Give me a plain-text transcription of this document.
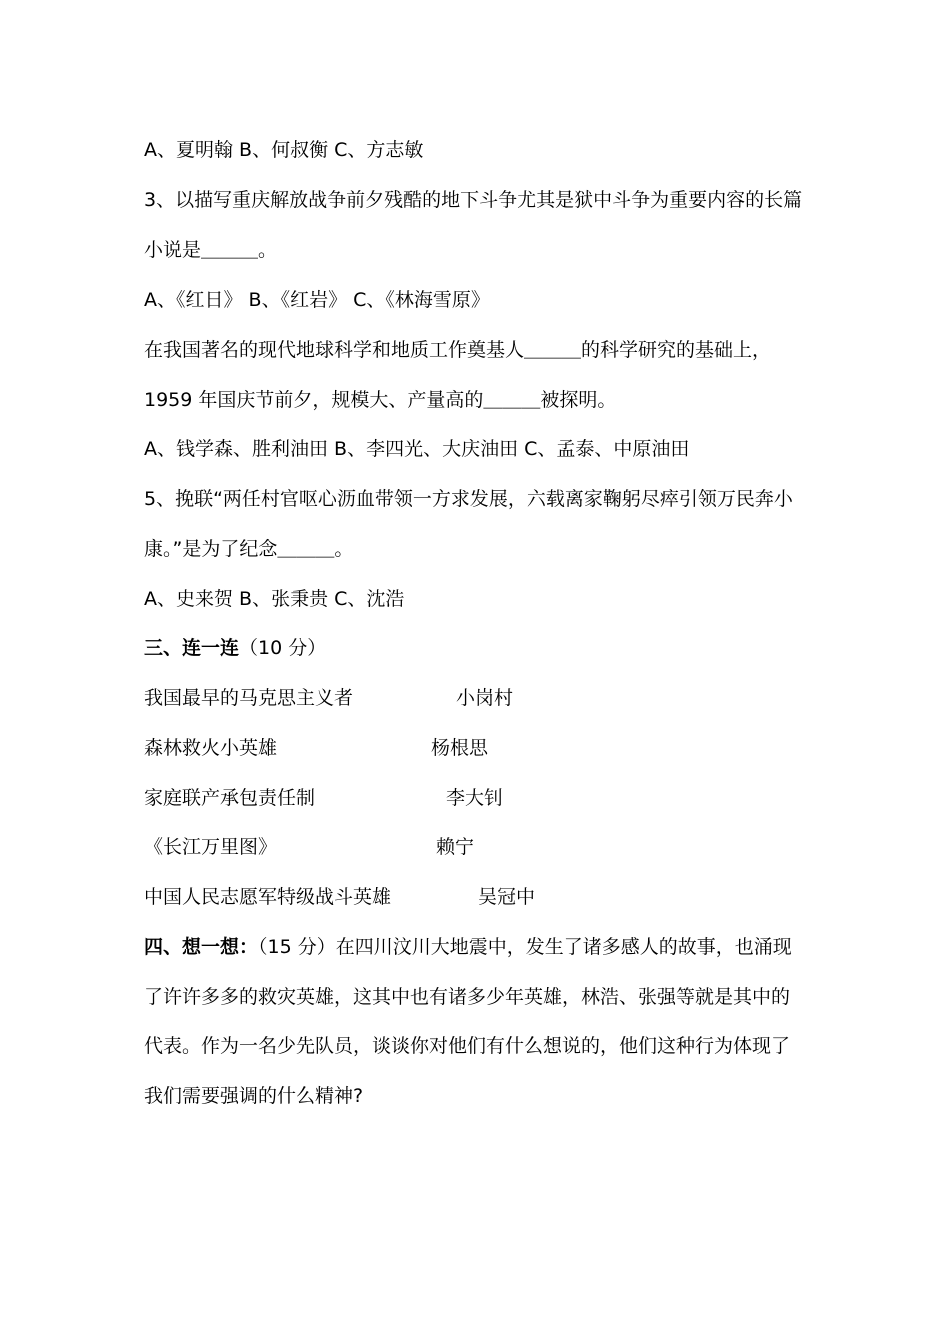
A、夏明翰 B、何叔衡 C、方志敏
3、以描写重庆解放战争前夕残酷的地下斗争尤其是狱中斗争为重要内容的长篇
小说是＿＿＿。
A、《红日》 B、《红岩》 C、《林海雪原》
在我国著名的现代地球科学和地质工作奠基人＿＿＿的科学研究的基础上，
1959 年国庆节前夕，规模大、产量高的＿＿＿被探明。
A、钱学森、胜利油田 B、李四光、大庆油田 C、孟泰、中原油田
5、挽联“两任村官呕心沥血带领一方求发展，六载离家鞠躬尽瘁引领万民奔小
康。”是为了纪念＿＿＿。
A、史来贺 B、张秉贵 C、沈浩
三、连一连（10 分）
我国最早的马克思主义者	小岗村
森林救火小英雄	杨根思
家庭联产承包责任制	李大钊
《长江万里图》	赖宁
中国人民志愿军特级战斗英雄	吴冠中
四、想一想：（15 分）在四川汶川大地震中，发生了诸多感人的故事，也涌现
了许许多多的救灾英雄，这其中也有诸多少年英雄，林浩、张强等就是其中的
代表。作为一名少先队员，谈谈你对他们有什么想说的，他们这种行为体现了
我们需要强调的什么精神?
